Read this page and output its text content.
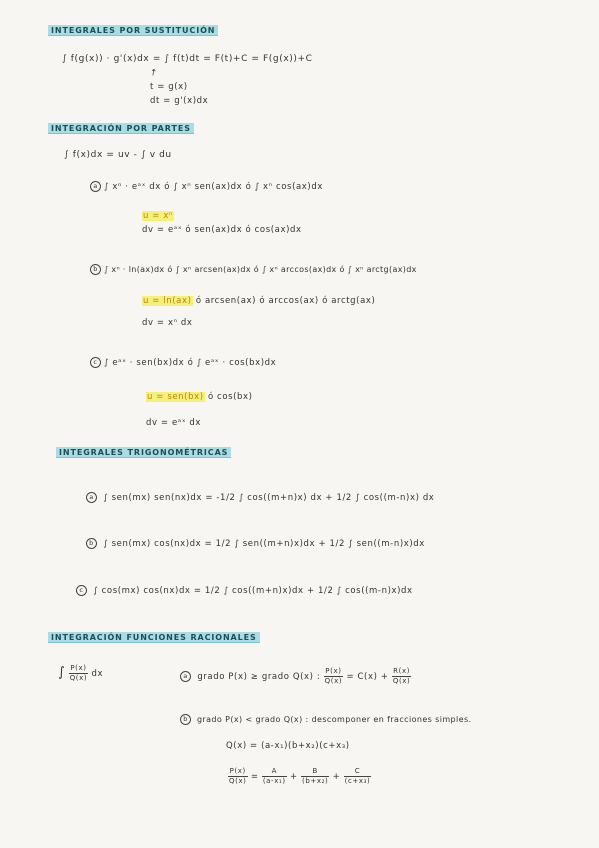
INTEGRALES POR SUSTITUCIÓN
∫ f(g(x)) · g'(x)dx = ∫ f(t)dt = F(t)+C = F(g(x))+C
↗
t = g(x)
dt = g'(x)dx
INTEGRACIÓN POR PARTES
∫ f(x)dx = uv - ∫ v du
a ∫ xⁿ · eᵃˣ dx ó ∫ xⁿ sen(ax)dx ó ∫ xⁿ cos(ax)dx
u = xⁿ
dv = eᵃˣ ó sen(ax)dx ó cos(ax)dx
b ∫ xⁿ · ln(ax)dx ó ∫ xⁿ arcsen(ax)dx ó ∫ xⁿ arccos(ax)dx ó ∫ xⁿ arctg(ax)dx
u = ln(ax) ó arcsen(ax) ó arccos(ax) ó arctg(ax)
dv = xⁿ dx
c ∫ eᵃˣ · sen(bx)dx ó ∫ eᵃˣ · cos(bx)dx
u = sen(bx) ó cos(bx)
dv = eᵃˣ dx
INTEGRALES TRIGONOMÉTRICAS
a ∫ sen(mx) sen(nx)dx = -1/2 ∫ cos((m+n)x) dx + 1/2 ∫ cos((m-n)x) dx
b ∫ sen(mx) cos(nx)dx = 1/2 ∫ sen((m+n)x)dx + 1/2 ∫ sen((m-n)x)dx
c ∫ cos(mx) cos(nx)dx = 1/2 ∫ cos((m+n)x)dx + 1/2 ∫ cos((m-n)x)dx
INTEGRACIÓN FUNCIONES RACIONALES
∫ $\frac{P(x)}{Q(x)}$ dx	a grado P(x) ≥ grado Q(x) : $\frac{P(x)}{Q(x)} = C(x) + \frac{R(x)}{Q(x)}$
b grado P(x) < grado Q(x) : descomponer en fracciones simples.
Q(x) = (a-x₁)(b+x₂)(c+x₃)
$\frac{P(x)}{Q(x)} = \frac{A}{\text{(a-x₁)}} + \frac{B}{\text{(b+x₂)}} + \frac{C}{\text{(c+x₃)}}$
